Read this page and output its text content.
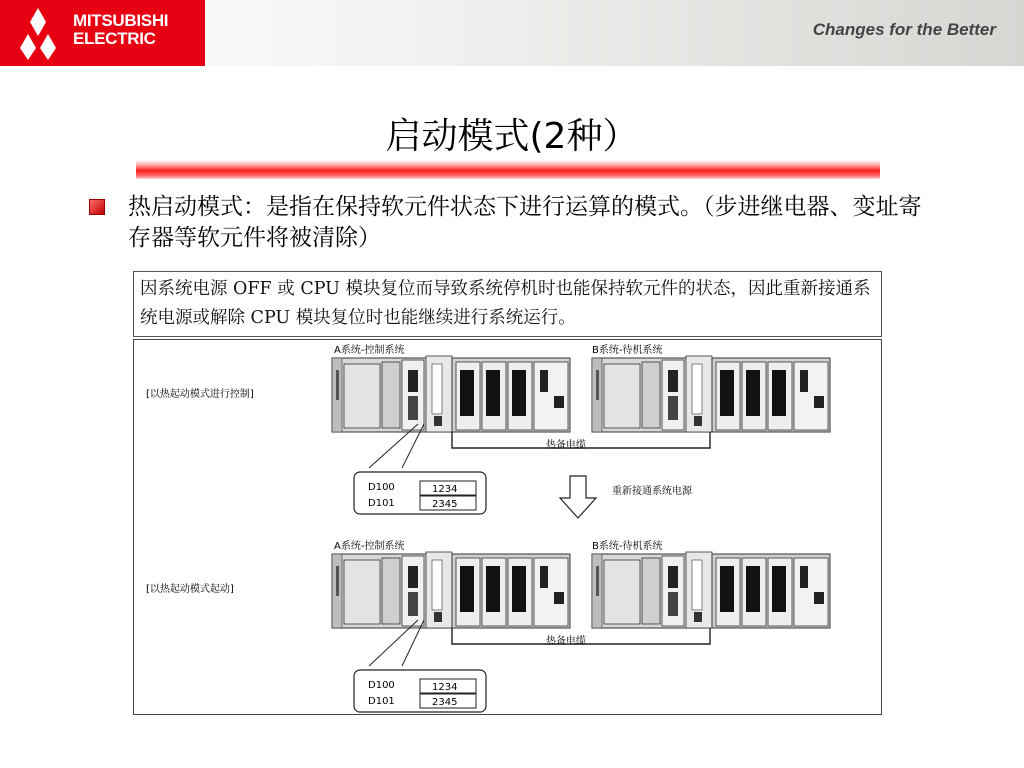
MITSUBISHI
ELECTRIC	Changes for the Better
启动模式(2种）
热启动模式：是指在保持软元件状态下进行运算的模式。（步进继电器、变址寄存器等软元件将被清除）
因系统电源 OFF 或 CPU 模块复位而导致系统停机时也能保持软元件的状态，因此重新接通系统电源或解除 CPU 模块复位时也能继续进行系统运行。
[以热起动模式进行控制]
A系统-控制系统	B系统-待机系统
热备电缆
D100	1234
D101	2345
重新接通系统电源
[以热起动模式起动]
A系统-控制系统	B系统-待机系统
热备电缆
D100	1234
D101	2345
